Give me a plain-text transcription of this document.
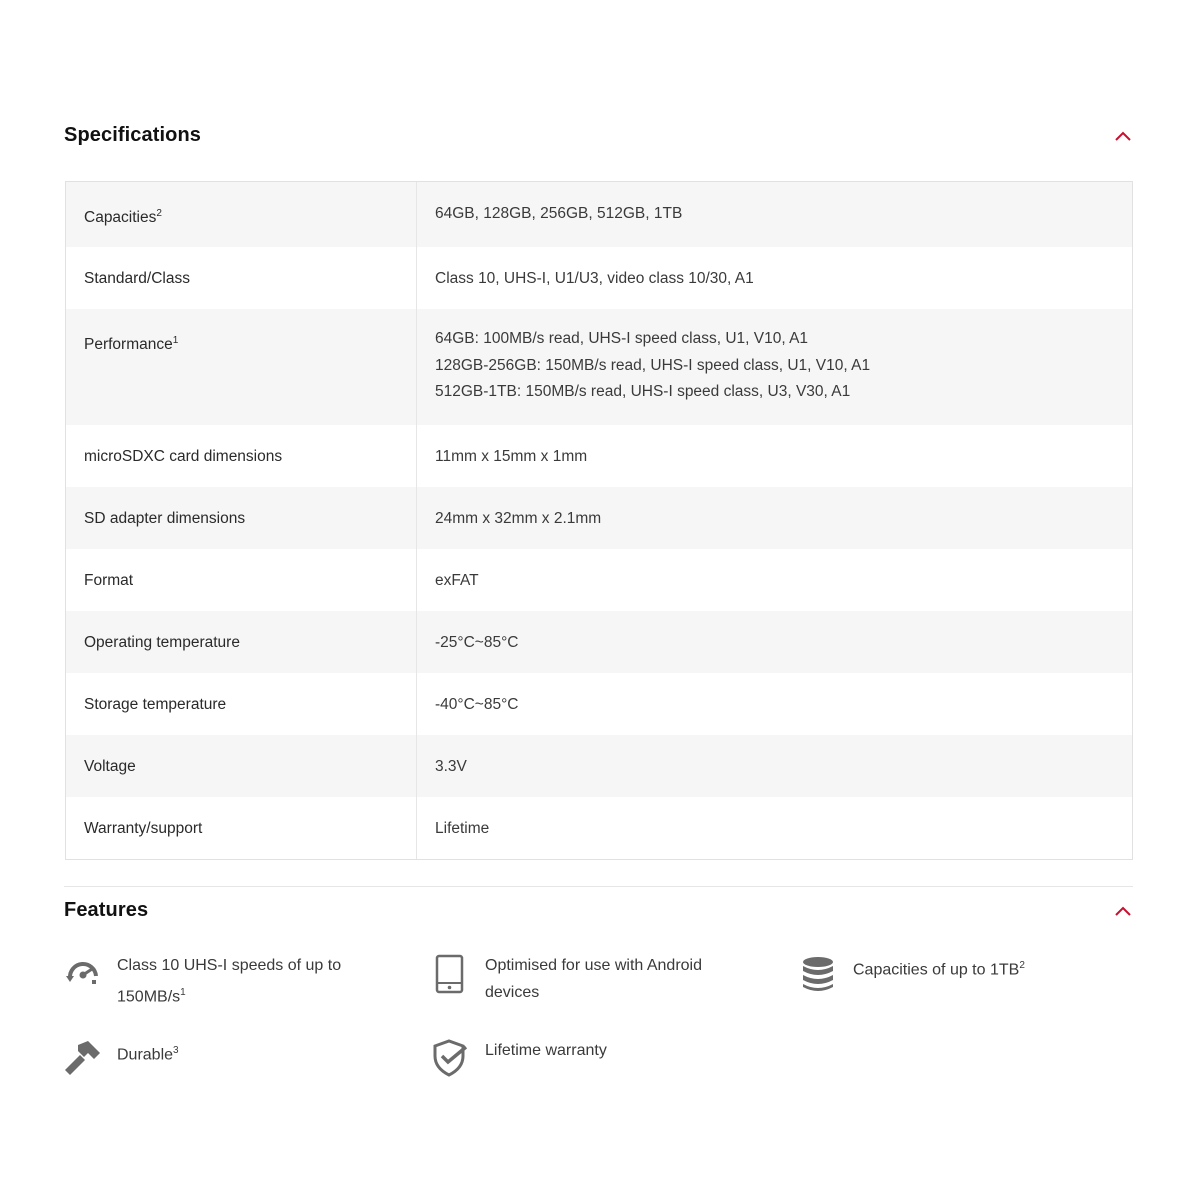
Specifications
Capacities$^2$	64GB, 128GB, 256GB, 512GB, 1TB
Standard/Class	Class 10, UHS-I, U1/U3, video class 10/30, A1
Performance$^1$	64GB: 100MB/s read, UHS-I speed class, U1, V10, A1
128GB-256GB: 150MB/s read, UHS-I speed class, U1, V10, A1
512GB-1TB: 150MB/s read, UHS-I speed class, U3, V30, A1
microSDXC card dimensions	11mm x 15mm x 1mm
SD adapter dimensions	24mm x 32mm x 2.1mm
Format	exFAT
Operating temperature	-25°C~85°C
Storage temperature	-40°C~85°C
Voltage	3.3V
Warranty/support	Lifetime
Features
Class 10 UHS-I speeds of up to $150MB/s^1$
Optimised for use with Android devices
Capacities of up to $1TB^2$
Durable$^3$	Lifetime warranty
